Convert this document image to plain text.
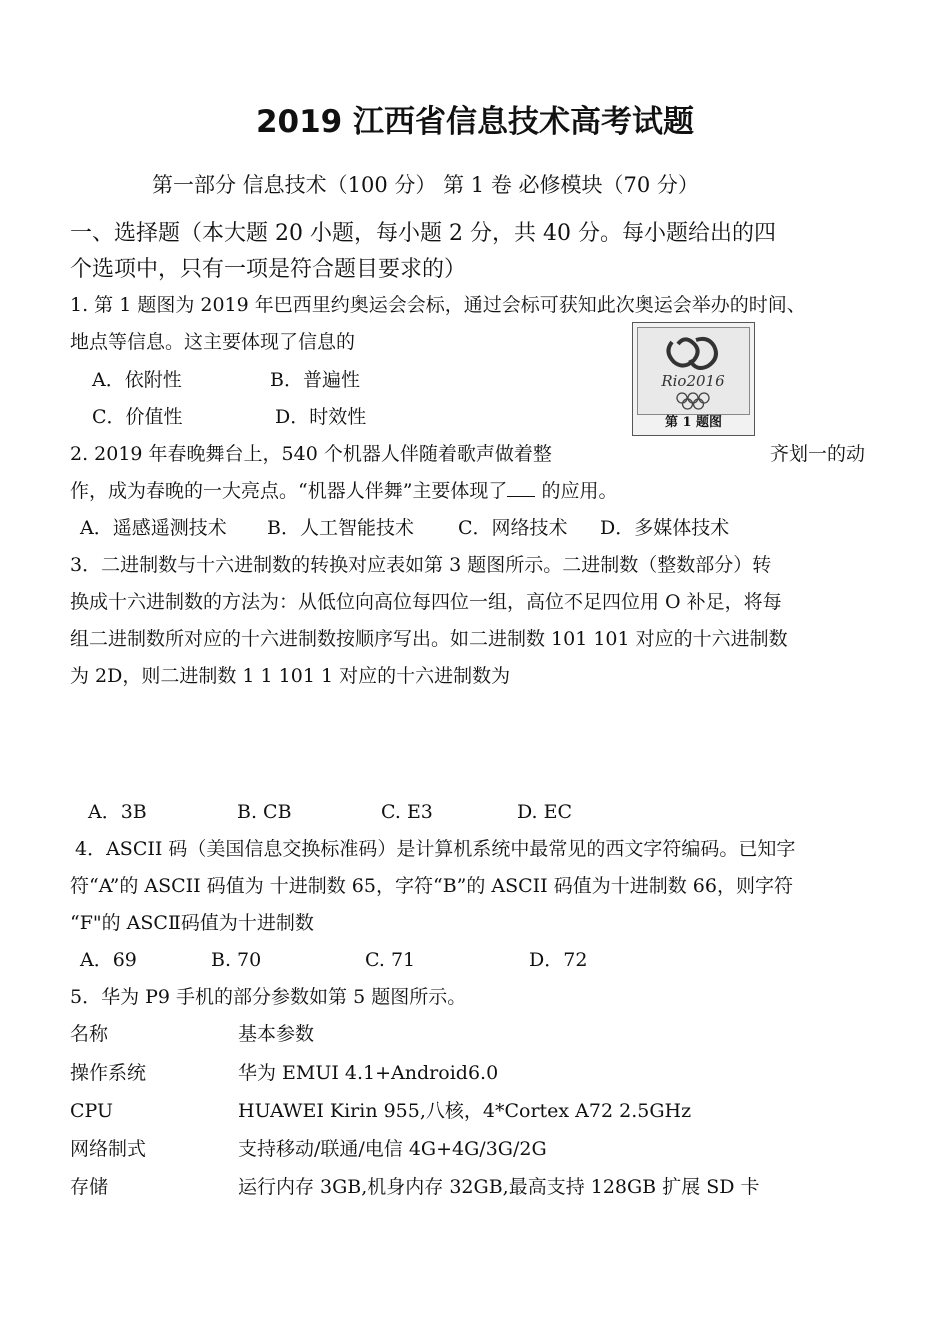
2019 江西省信息技术高考试题
第一部分 信息技术（100 分） 第 1 卷 必修模块（70 分）
一、选择题（本大题 20 小题，每小题 2 分，共 40 分。每小题给出的四
个选项中，只有一项是符合题目要求的）
1. 第 1 题图为 2019 年巴西里约奥运会会标，通过会标可获知此次奥运会举办的时间、
地点等信息。这主要体现了信息的
A．依附性	B．普遍性
C．价值性	D．时效性
Rio2016
第 1 题图
2. 2019 年春晚舞台上，540 个机器人伴随着歌声做着整	齐划一的动
作，成为春晚的一大亮点。“机器人伴舞”主要体现了 的应用。
A．遥感遥测技术 B．人工智能技术 C．网络技术 D．多媒体技术
3．二进制数与十六进制数的转换对应表如第 3 题图所示。二进制数（整数部分）转
换成十六进制数的方法为：从低位向高位每四位一组，高位不足四位用 O 补足，将每
组二进制数所对应的十六进制数按顺序写出。如二进制数 101 101 对应的十六进制数
为 2D，则二进制数 1 1 101 1 对应的十六进制数为
A．3B	B. CB	C. E3	D. EC
4．ASCII 码（美国信息交换标准码）是计算机系统中最常见的西文字符编码。已知字
符“A”的 ASCII 码值为 十进制数 65，字符“B”的 ASCII 码值为十进制数 66，则字符
“F"的 ASCⅡ码值为十进制数
A．69	B. 70	C. 71	D．72
5．华为 P9 手机的部分参数如第 5 题图所示。
名称	基本参数
操作系统	华为 EMUI 4.1+Android6.0
CPU	HUAWEI Kirin 955,八核，4*Cortex A72 2.5GHz
网络制式	支持移动/联通/电信 4G+4G/3G/2G
存储	运行内存 3GB,机身内存 32GB,最高支持 128GB 扩展 SD 卡
